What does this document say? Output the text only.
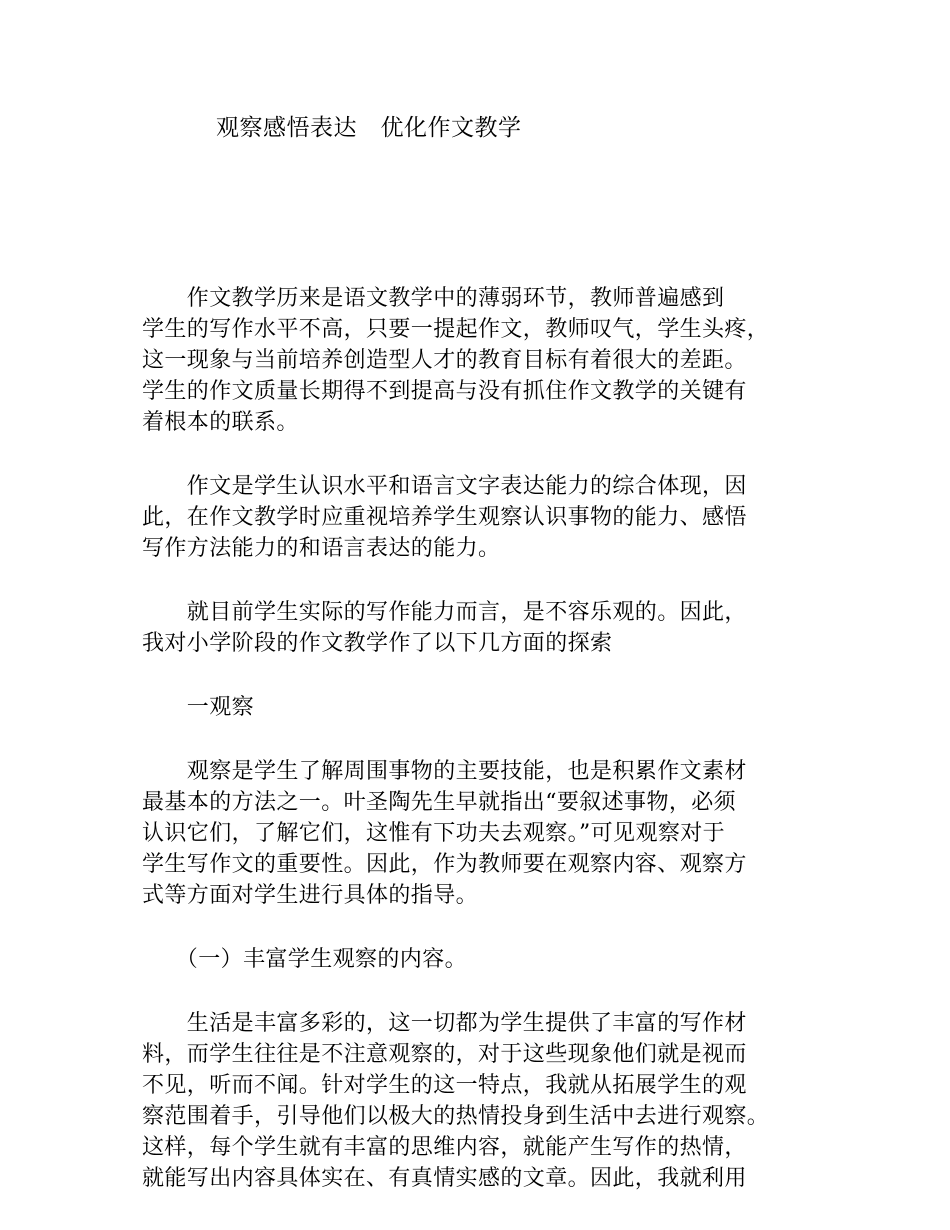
观察感悟表达　优化作文教学
　　作文教学历来是语文教学中的薄弱环节，教师普遍感到
学生的写作水平不高，只要一提起作文，教师叹气，学生头疼，
这一现象与当前培养创造型人才的教育目标有着很大的差距。
学生的作文质量长期得不到提高与没有抓住作文教学的关键有
着根本的联系。
　　作文是学生认识水平和语言文字表达能力的综合体现，因
此，在作文教学时应重视培养学生观察认识事物的能力、感悟
写作方法能力的和语言表达的能力。
　　就目前学生实际的写作能力而言，是不容乐观的。因此，
我对小学阶段的作文教学作了以下几方面的探索
　　一观察
　　观察是学生了解周围事物的主要技能，也是积累作文素材
最基本的方法之一。叶圣陶先生早就指出“要叙述事物，必须
认识它们，了解它们，这惟有下功夫去观察。”可见观察对于
学生写作文的重要性。因此，作为教师要在观察内容、观察方
式等方面对学生进行具体的指导。
　　（一）丰富学生观察的内容。
　　生活是丰富多彩的，这一切都为学生提供了丰富的写作材
料，而学生往往是不注意观察的，对于这些现象他们就是视而
不见，听而不闻。针对学生的这一特点，我就从拓展学生的观
察范围着手，引导他们以极大的热情投身到生活中去进行观察。
这样，每个学生就有丰富的思维内容，就能产生写作的热情，
就能写出内容具体实在、有真情实感的文章。因此，我就利用
